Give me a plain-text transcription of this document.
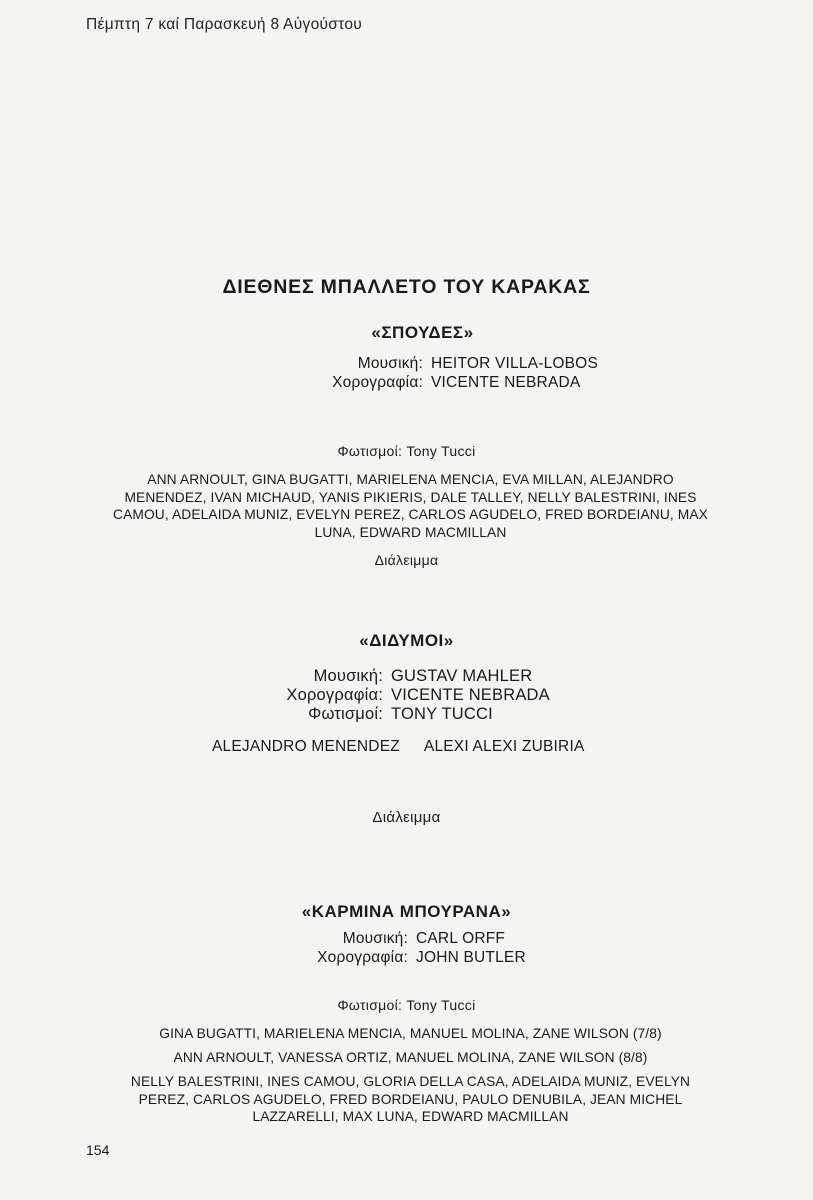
Πέμπτη 7 καί Παρασκευή 8 Αὐγούστου
ΔΙΕΘΝΕΣ ΜΠΑΛΛΕΤΟ ΤΟΥ ΚΑΡΑΚΑΣ
«ΣΠΟΥΔΕΣ»
Μουσική: HEITOR VILLA-LOBOS
Χορογραφία: VICENTE NEBRADA
Φωτισμοί: Tony Tucci
ANN ARNOULT, GINA BUGATTI, MARIELENA MENCIA, EVA MILLAN, ALEJANDRO
MENENDEZ, IVAN MICHAUD, YANIS PIKIERIS, DALE TALLEY, NELLY BALESTRINI, INES
CAMOU, ADELAIDA MUNIZ, EVELYN PEREZ, CARLOS AGUDELO, FRED BORDEIANU, MAX
LUNA, EDWARD MACMILLAN
Διάλειμμα
«ΔΙΔΥΜΟΙ»
Μουσική: GUSTAV MAHLER
Χορογραφία: VICENTE NEBRADA
Φωτισμοί: TONY TUCCI
ALEJANDRO MENENDEZ ALEXI ALEXI ZUBIRIA
Διάλειμμα
«ΚΑΡΜΙΝΑ ΜΠΟΥΡΑΝΑ»
Μουσική: CARL ORFF
Χορογραφία: JOHN BUTLER
Φωτισμοί: Tony Tucci
GINA BUGATTI, MARIELENA MENCIA, MANUEL MOLINA, ZANE WILSON (7/8)
ANN ARNOULT, VANESSA ORTIZ, MANUEL MOLINA, ZANE WILSON (8/8)
NELLY BALESTRINI, INES CAMOU, GLORIA DELLA CASA, ADELAIDA MUNIZ, EVELYN
PEREZ, CARLOS AGUDELO, FRED BORDEIANU, PAULO DENUBILA, JEAN MICHEL
LAZZARELLI, MAX LUNA, EDWARD MACMILLAN
154
